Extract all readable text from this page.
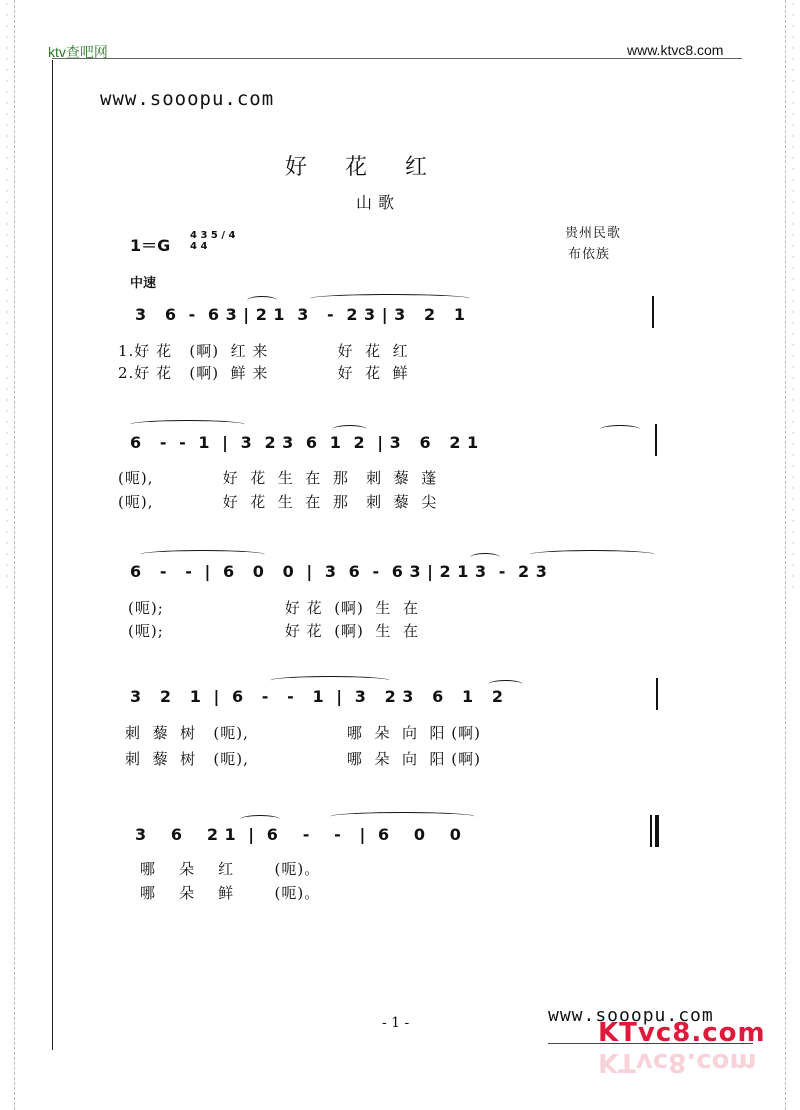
·
·
·
·
·
·
·
·
·
·
·
·
·
·
·
·
·
·
·
·
·
·
·
·
·
·
·
·
·
·
·
·
·
·
·
·
·
·
·
·
·
·
·
·
·
·
·
·
·
·
·
·
·
·
·
·
·
·
·
·
·
·
·
·
·
·
·
·
·
·
·
·
·
·
·
·
·
·
·
·
·
·
·
·
·
·
·
·
·
·
·
·
·
·
·
·
·
·
·
·
·
·
·
·
·
·
·
·
ktv查吧网	www.ktvc8.com
www.sooopu.com
好花红
山歌
贵州民歌
布依族
1＝G
4 3 5 / 4 4 4
中速
3   6  -  6 3 | 2 1  3   -  2 3 | 3   2   1
1.好 花   (啊)  红 来            好  花  红
2.好 花   (啊)  鲜 来            好  花  鲜
6   -  -  1  |  3  2 3  6  1  2  | 3   6   2 1
(呃),            好  花  生  在  那   刺  藜  蓬
(呃),            好  花  生  在  那   刺  藜  尖
6   -   -  |  6   0   0  |  3  6  -  6 3 | 2 1 3  -  2 3
(呃);                     好 花  (啊)  生  在
(呃);                     好 花  (啊)  生  在
3   2   1  |  6   -   -   1  |  3   2 3   6   1   2
刺  藜  树   (呃),                 哪  朵  向  阳 (啊)
刺  藜  树   (呃),                 哪  朵  向  阳 (啊)
3    6    2 1  |  6    -    -   |  6    0    0
哪    朵    红       (呃)。
哪    朵    鲜       (呃)。
- 1 -	www.sooopu.com
KTvc8.com
KTvc8.com
